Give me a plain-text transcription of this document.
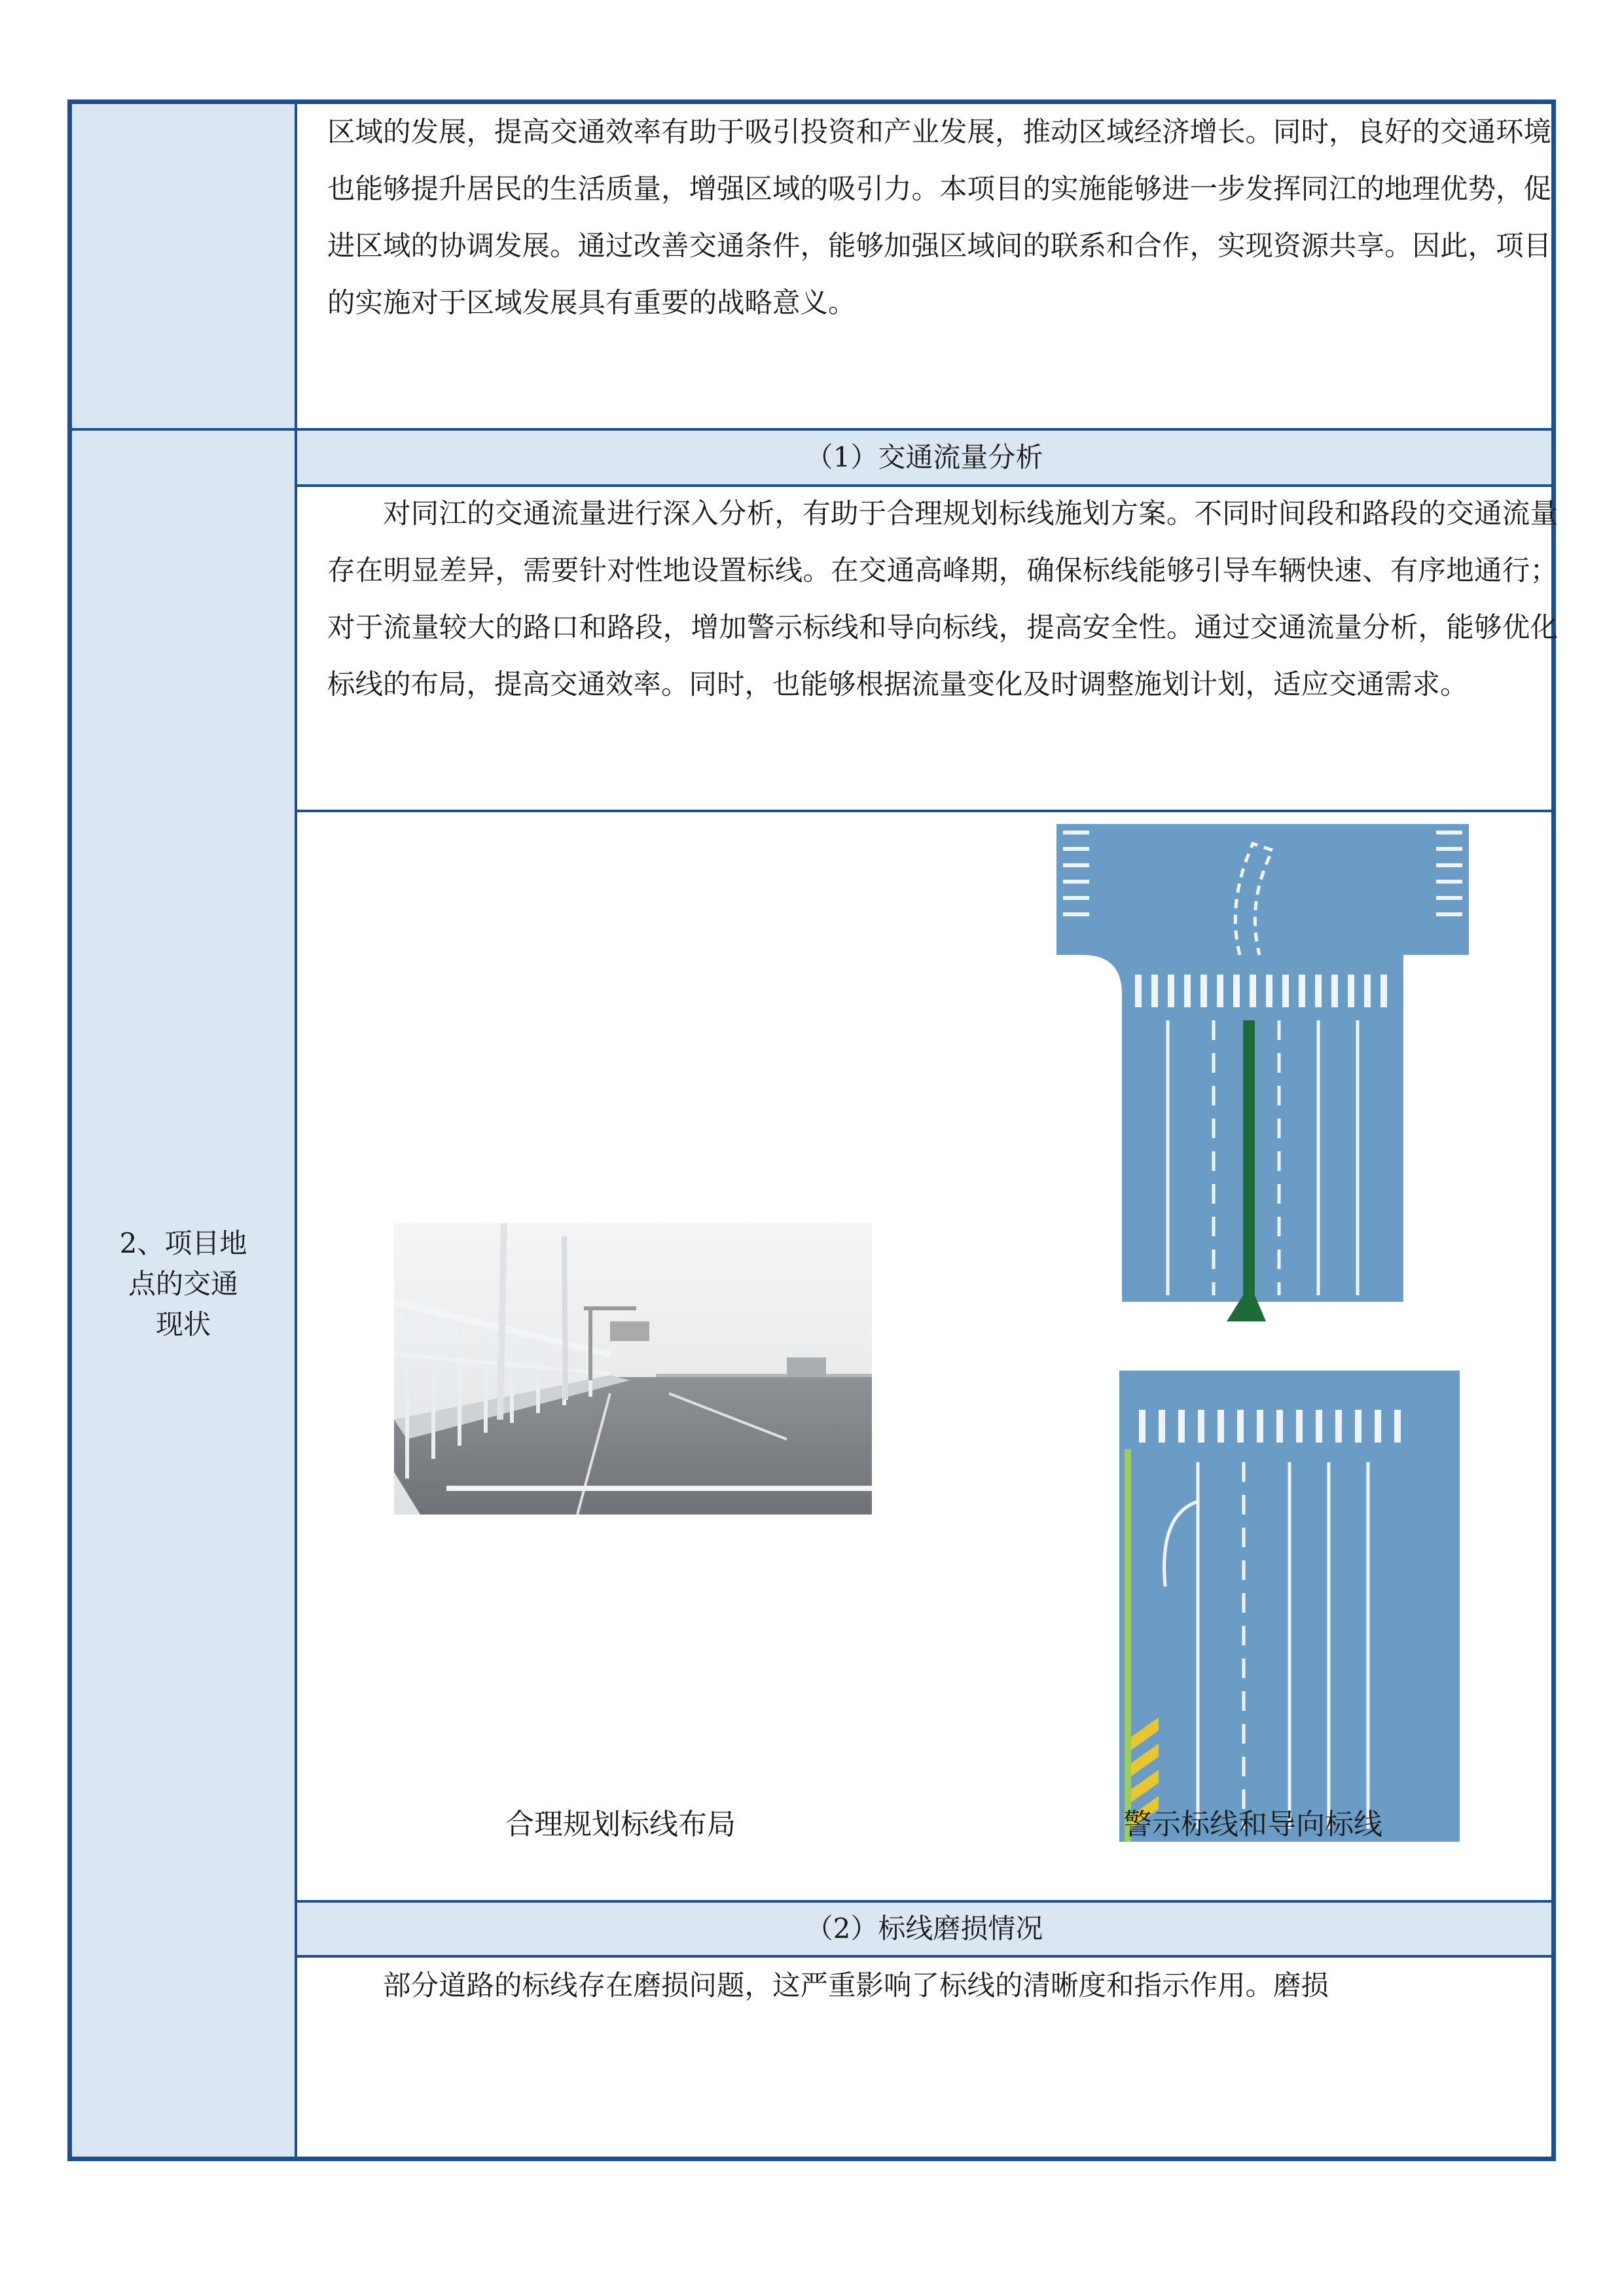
2、项目地点的交通现状
（1）交通流量分析
（2）标线磨损情况
区域的发展，提高交通效率有助于吸引投资和产业发展，推动区域经济增长。同时，良好的交通环境也能够提升居民的生活质量，增强区域的吸引力。本项目的实施能够进一步发挥同江的地理优势，促进区域的协调发展。通过改善交通条件，能够加强区域间的联系和合作，实现资源共享。因此，项目的实施对于区域发展具有重要的战略意义。
对同江的交通流量进行深入分析，有助于合理规划标线施划方案。不同时间段和路段的交通流量存在明显差异，需要针对性地设置标线。在交通高峰期，确保标线能够引导车辆快速、有序地通行；对于流量较大的路口和路段，增加警示标线和导向标线，提高安全性。通过交通流量分析，能够优化标线的布局，提高交通效率。同时，也能够根据流量变化及时调整施划计划，适应交通需求。
部分道路的标线存在磨损问题，这严重影响了标线的清晰度和指示作用。磨损
合理规划标线布局	警示标线和导向标线
